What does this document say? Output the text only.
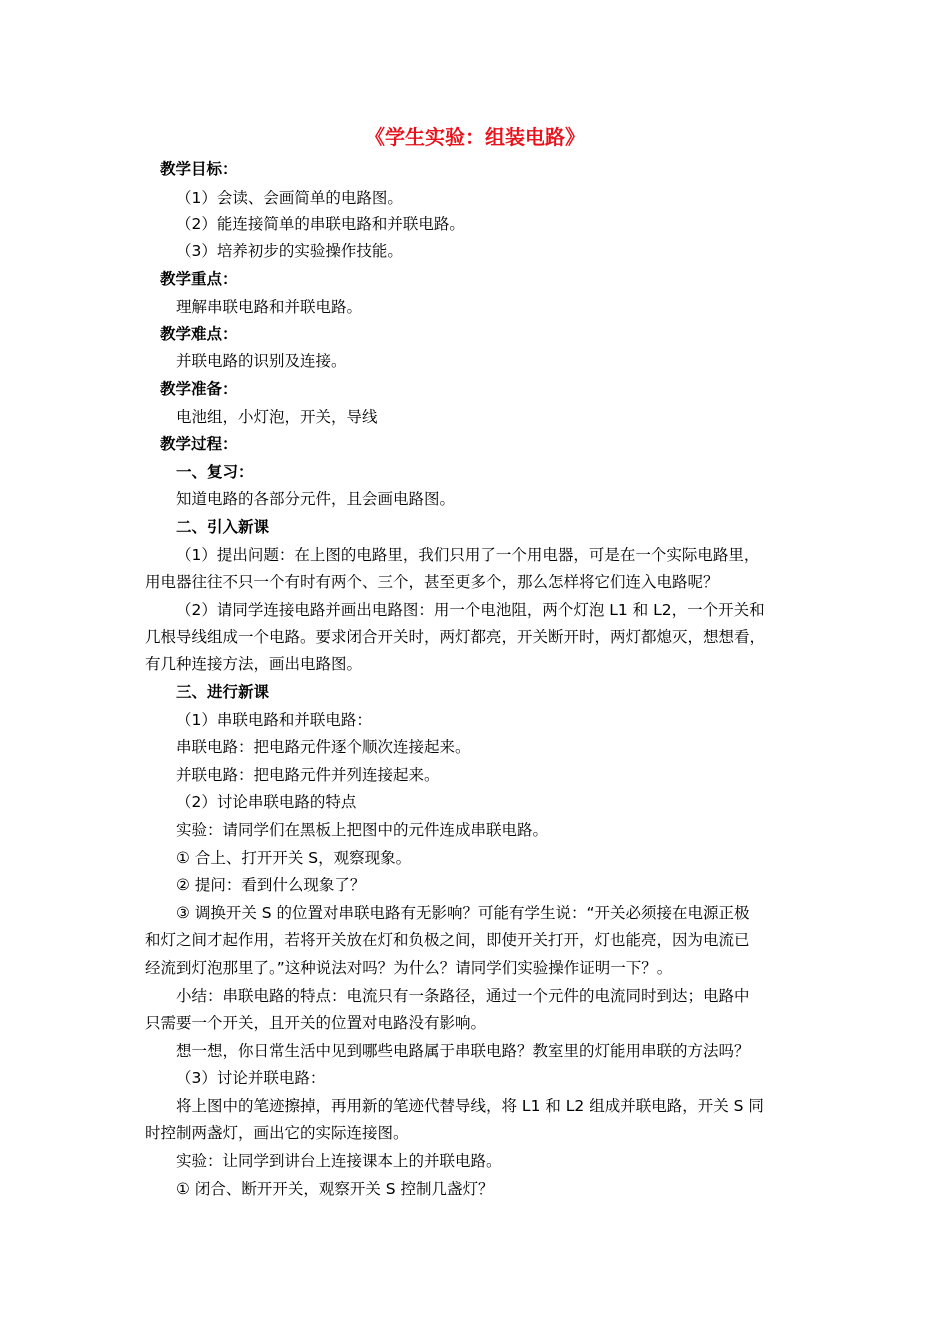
《学生实验：组装电路》
教学目标：
（1）会读、会画简单的电路图。
（2）能连接简单的串联电路和并联电路。
（3）培养初步的实验操作技能。
教学重点：
理解串联电路和并联电路。
教学难点：
并联电路的识别及连接。
教学准备：
电池组，小灯泡，开关，导线
教学过程：
一、复习：
知道电路的各部分元件，且会画电路图。
二、引入新课
（1）提出问题：在上图的电路里，我们只用了一个用电器，可是在一个实际电路里，
用电器往往不只一个有时有两个、三个，甚至更多个，那么怎样将它们连入电路呢？
（2）请同学连接电路并画出电路图：用一个电池阻，两个灯泡 L1 和 L2，一个开关和
几根导线组成一个电路。要求闭合开关时，两灯都亮，开关断开时，两灯都熄灭，想想看，
有几种连接方法，画出电路图。
三、进行新课
（1）串联电路和并联电路：
串联电路：把电路元件逐个顺次连接起来。
并联电路：把电路元件并列连接起来。
（2）讨论串联电路的特点
实验：请同学们在黑板上把图中的元件连成串联电路。
① 合上、打开开关 S，观察现象。
② 提问：看到什么现象了？
③ 调换开关 S 的位置对串联电路有无影响？可能有学生说：“开关必须接在电源正极
和灯之间才起作用，若将开关放在灯和负极之间，即使开关打开，灯也能亮，因为电流已
经流到灯泡那里了。”这种说法对吗？为什么？请同学们实验操作证明一下？。
小结：串联电路的特点：电流只有一条路径，通过一个元件的电流同时到达；电路中
只需要一个开关，且开关的位置对电路没有影响。
想一想，你日常生活中见到哪些电路属于串联电路？教室里的灯能用串联的方法吗？
（3）讨论并联电路：
将上图中的笔迹擦掉，再用新的笔迹代替导线，将 L1 和 L2 组成并联电路，开关 S 同
时控制两盏灯，画出它的实际连接图。
实验：让同学到讲台上连接课本上的并联电路。
① 闭合、断开开关，观察开关 S 控制几盏灯？
